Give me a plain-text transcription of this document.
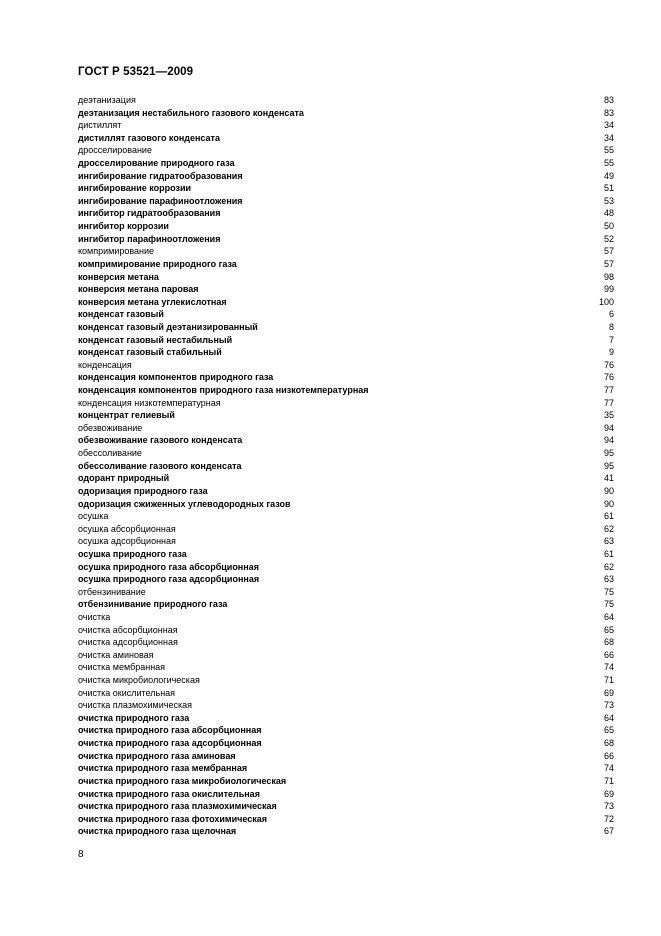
ГОСТ Р 53521—2009
деэтанизация	83
деэтанизация нестабильного газового конденсата	83
дистиллят	34
дистиллят газового конденсата	34
дросселирование	55
дросселирование природного газа	55
ингибирование гидратообразования	49
ингибирование коррозии	51
ингибирование парафиноотложения	53
ингибитор гидратообразования	48
ингибитор коррозии	50
ингибитор парафиноотложения	52
компримирование	57
компримирование природного газа	57
конверсия метана	98
конверсия метана паровая	99
конверсия метана углекислотная	100
конденсат газовый	6
конденсат газовый деэтанизированный	8
конденсат газовый нестабильный	7
конденсат газовый стабильный	9
конденсация	76
конденсация компонентов природного газа	76
конденсация компонентов природного газа низкотемпературная	77
конденсация низкотемпературная	77
концентрат гелиевый	35
обезвоживание	94
обезвоживание газового конденсата	94
обессоливание	95
обессоливание газового конденсата	95
одорант природный	41
одоризация природного газа	90
одоризация сжиженных углеводородных газов	90
осушка	61
осушка абсорбционная	62
осушка адсорбционная	63
осушка природного газа	61
осушка природного газа абсорбционная	62
осушка природного газа адсорбционная	63
отбензинивание	75
отбензинивание природного газа	75
очистка	64
очистка абсорбционная	65
очистка адсорбционная	68
очистка аминовая	66
очистка мембранная	74
очистка микробиологическая	71
очистка окислительная	69
очистка плазмохимическая	73
очистка природного газа	64
очистка природного газа абсорбционная	65
очистка природного газа адсорбционная	68
очистка природного газа аминовая	66
очистка природного газа мембранная	74
очистка природного газа микробиологическая	71
очистка природного газа окислительная	69
очистка природного газа плазмохимическая	73
очистка природного газа фотохимическая	72
очистка природного газа щелочная	67
8
